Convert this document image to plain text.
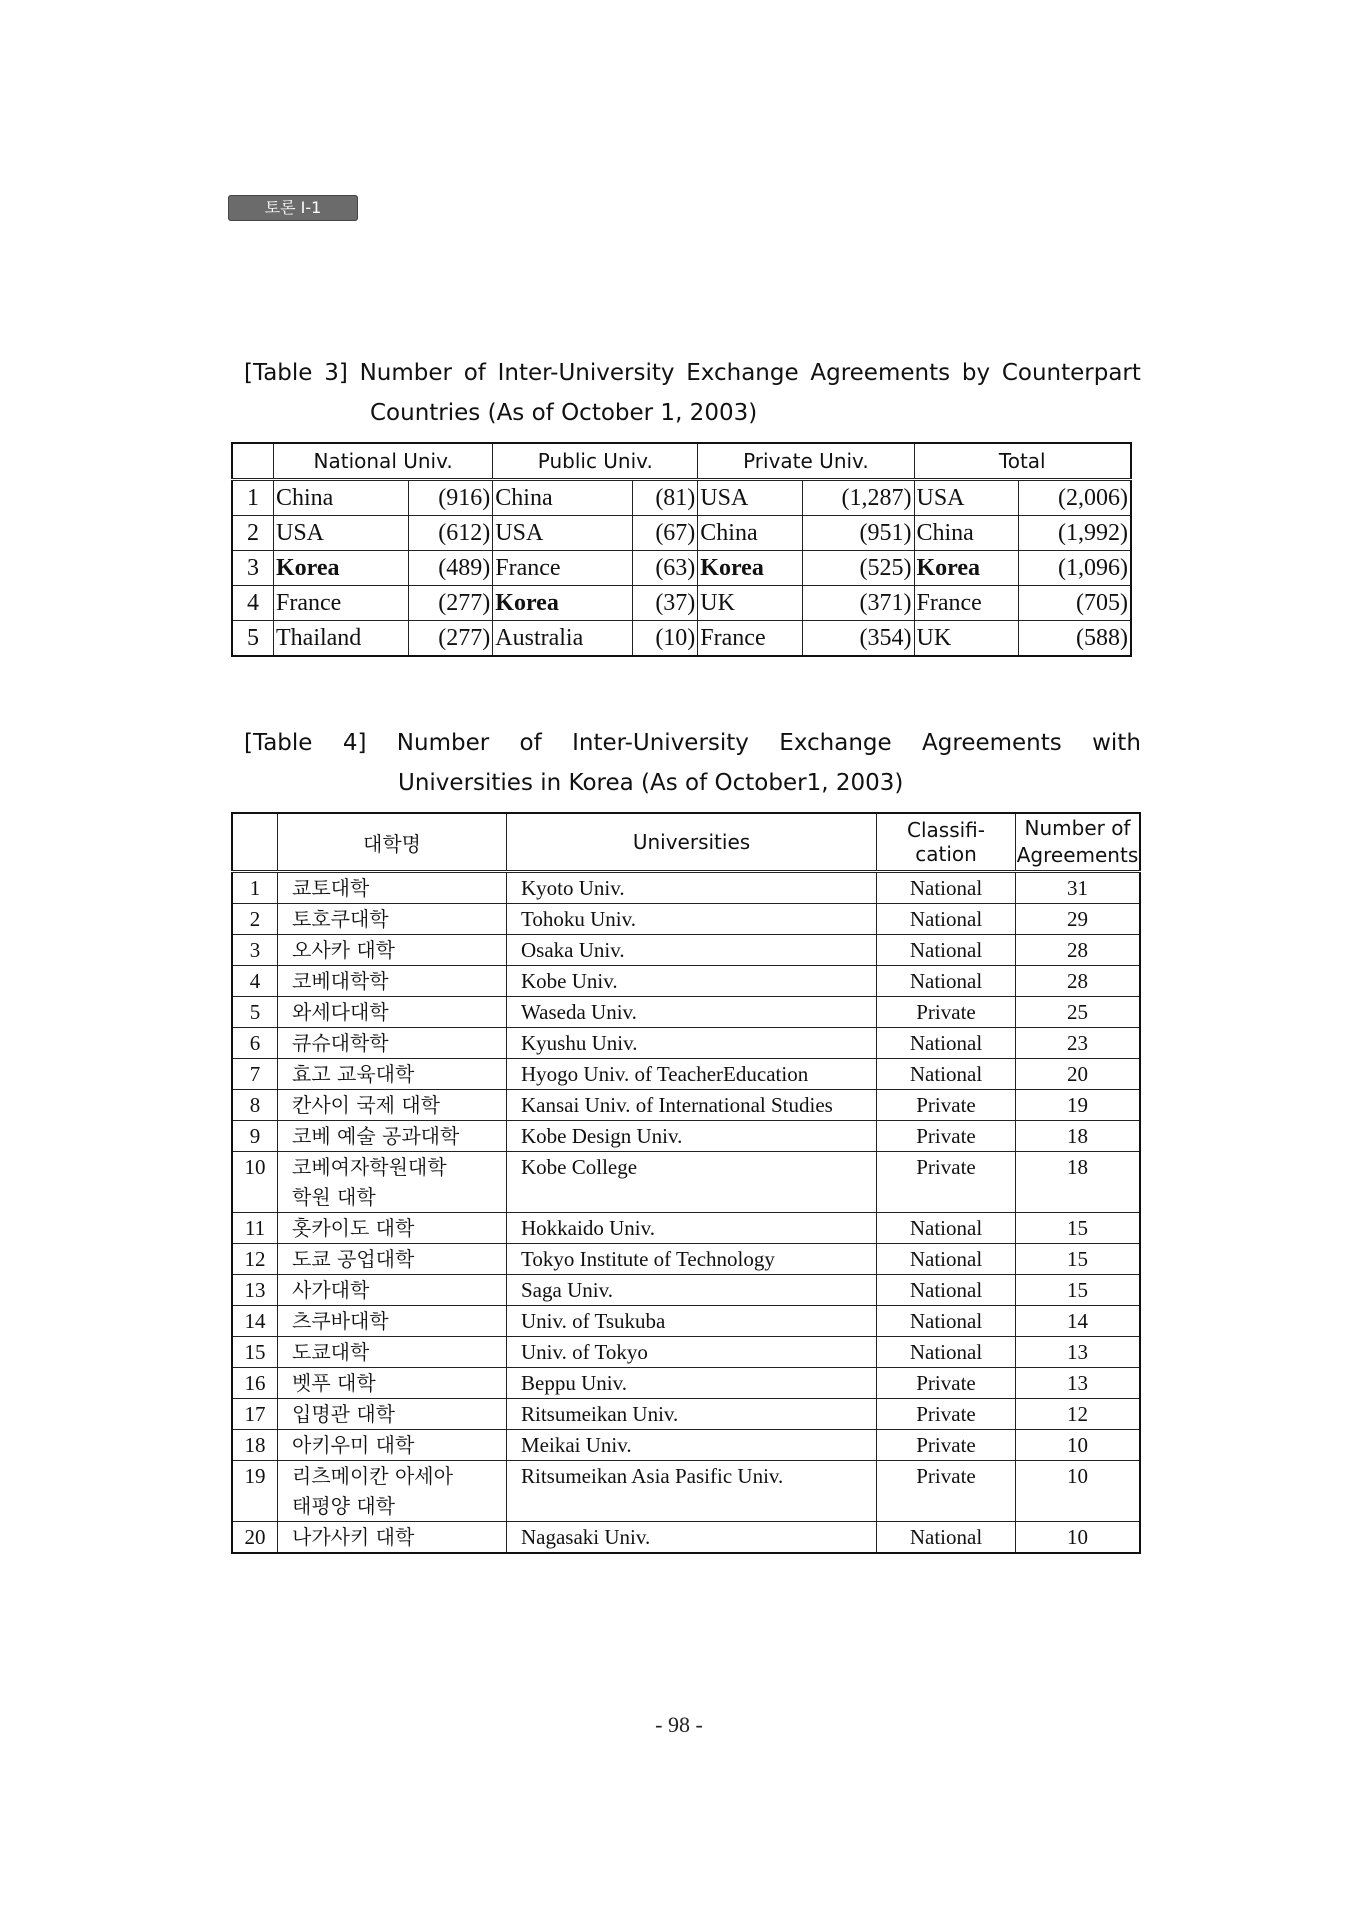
토론 Ⅰ-1
[Table 3] Number of Inter-University Exchange Agreements by Counterpart
Countries (As of October 1, 2003)
	National Univ.		Public Univ.		Private Univ.		Total	
1	China	(916)	China	(81)	USA	(1,287)	USA	(2,006)
2	USA	(612)	USA	(67)	China	(951)	China	(1,992)
3	Korea	(489)	France	(63)	Korea	(525)	Korea	(1,096)
4	France	(277)	Korea	(37)	UK	(371)	France	(705)
5	Thailand	(277)	Australia	(10)	France	(354)	UK	(588)
[Table 4] Number of Inter-University Exchange Agreements with
Universities in Korea (As of October1, 2003)
	대학명	Universities	Classifi-cation	Number of
Agreements
1	쿄토대학	Kyoto Univ.	National	31
2	토호쿠대학	Tohoku Univ.	National	29
3	오사카 대학	Osaka Univ.	National	28
4	코베대학학	Kobe Univ.	National	28
5	와세다대학	Waseda Univ.	Private	25
6	큐슈대학학	Kyushu Univ.	National	23
7	효고 교육대학	Hyogo Univ. of TeacherEducation	National	20
8	칸사이 국제 대학	Kansai Univ. of International Studies	Private	19
9	코베 예술 공과대학	Kobe Design Univ.	Private	18
10	코베여자학원대학
학원 대학	Kobe College	Private	18
11	홋카이도 대학	Hokkaido Univ.	National	15
12	도쿄 공업대학	Tokyo Institute of Technology	National	15
13	사가대학	Saga Univ.	National	15
14	츠쿠바대학	Univ. of Tsukuba	National	14
15	도쿄대학	Univ. of Tokyo	National	13
16	벳푸 대학	Beppu Univ.	Private	13
17	입명관 대학	Ritsumeikan Univ.	Private	12
18	아키우미 대학	Meikai Univ.	Private	10
19	리츠메이칸 아세아
태평양 대학	Ritsumeikan Asia Pasific Univ.	Private	10
20	나가사키 대학	Nagasaki Univ.	National	10
- 98 -
